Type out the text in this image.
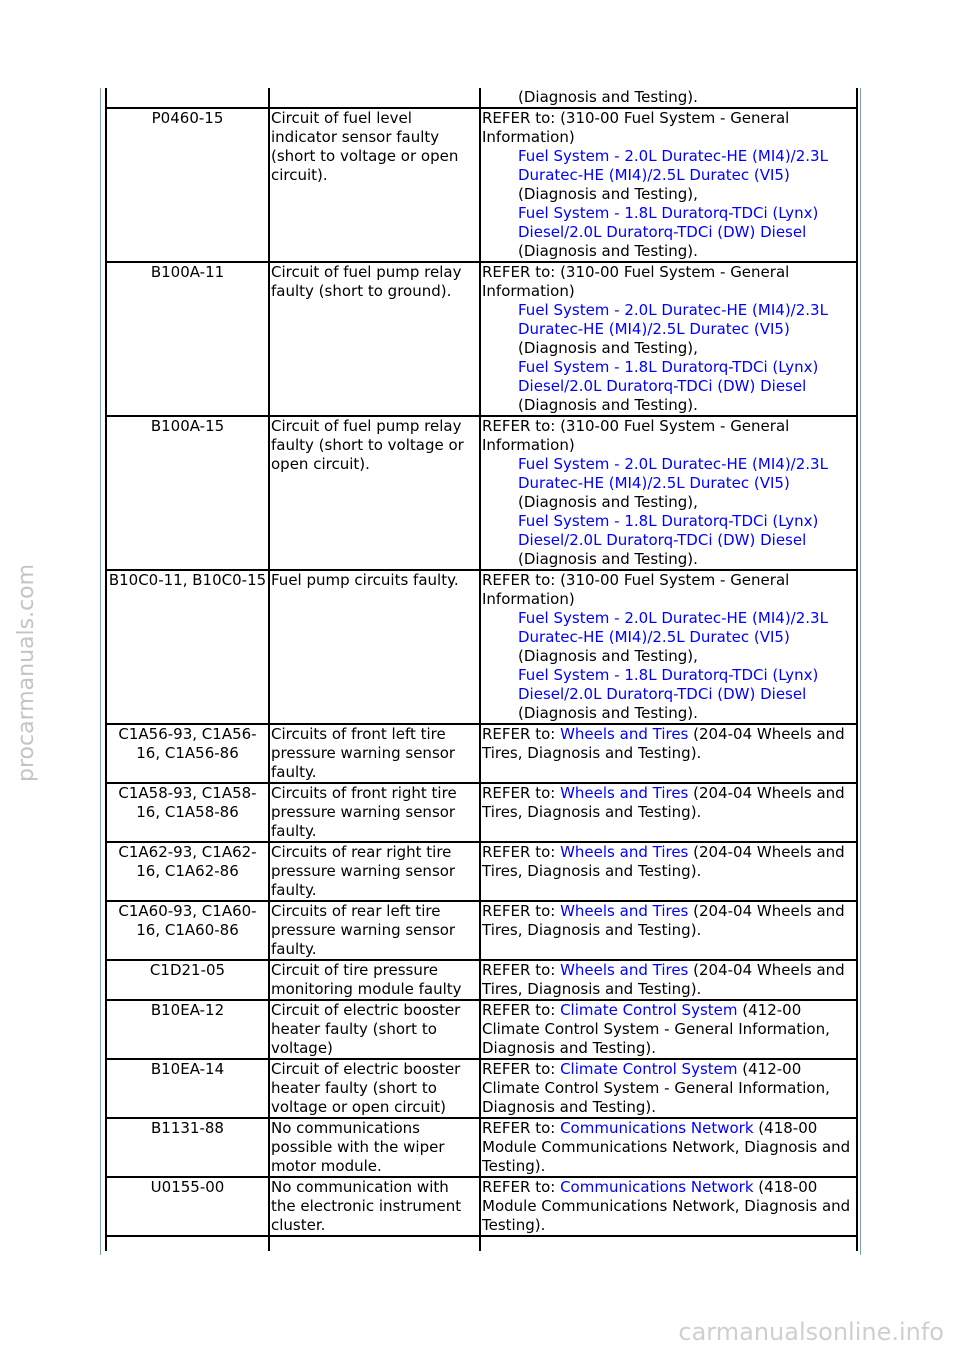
		(Diagnosis and Testing).

P0460-15	Circuit of fuel level indicator sensor faulty (short to voltage or open circuit).	REFER to: (310-00 Fuel System - General Information)
Fuel System - 2.0L Duratec-HE (MI4)/2.3L Duratec-HE (MI4)/2.5L Duratec (VI5)
(Diagnosis and Testing),
Fuel System - 1.8L Duratorq-TDCi (Lynx) Diesel/2.0L Duratorq-TDCi (DW) Diesel
(Diagnosis and Testing).

B100A-11	Circuit of fuel pump relay faulty (short to ground).	REFER to: (310-00 Fuel System - General Information)
Fuel System - 2.0L Duratec-HE (MI4)/2.3L Duratec-HE (MI4)/2.5L Duratec (VI5)
(Diagnosis and Testing),
Fuel System - 1.8L Duratorq-TDCi (Lynx) Diesel/2.0L Duratorq-TDCi (DW) Diesel
(Diagnosis and Testing).

B100A-15	Circuit of fuel pump relay faulty (short to voltage or open circuit).	REFER to: (310-00 Fuel System - General Information)
Fuel System - 2.0L Duratec-HE (MI4)/2.3L Duratec-HE (MI4)/2.5L Duratec (VI5)
(Diagnosis and Testing),
Fuel System - 1.8L Duratorq-TDCi (Lynx) Diesel/2.0L Duratorq-TDCi (DW) Diesel
(Diagnosis and Testing).

B10C0-11, B10C0-15	Fuel pump circuits faulty.	REFER to: (310-00 Fuel System - General Information)
Fuel System - 2.0L Duratec-HE (MI4)/2.3L Duratec-HE (MI4)/2.5L Duratec (VI5)
(Diagnosis and Testing),
Fuel System - 1.8L Duratorq-TDCi (Lynx) Diesel/2.0L Duratorq-TDCi (DW) Diesel
(Diagnosis and Testing).

C1A56-93, C1A56-16, C1A56-86	Circuits of front left tire pressure warning sensor faulty.	REFER to: Wheels and Tires (204-04 Wheels and Tires, Diagnosis and Testing).
C1A58-93, C1A58-16, C1A58-86	Circuits of front right tire pressure warning sensor faulty.	REFER to: Wheels and Tires (204-04 Wheels and Tires, Diagnosis and Testing).
C1A62-93, C1A62-16, C1A62-86	Circuits of rear right tire pressure warning sensor faulty.	REFER to: Wheels and Tires (204-04 Wheels and Tires, Diagnosis and Testing).
C1A60-93, C1A60-16, C1A60-86	Circuits of rear left tire pressure warning sensor faulty.	REFER to: Wheels and Tires (204-04 Wheels and Tires, Diagnosis and Testing).
C1D21-05	Circuit of tire pressure monitoring module faulty	REFER to: Wheels and Tires (204-04 Wheels and Tires, Diagnosis and Testing).
B10EA-12	Circuit of electric booster heater faulty (short to voltage)	REFER to: Climate Control System (412-00 Climate Control System - General Information, Diagnosis and Testing).
B10EA-14	Circuit of electric booster heater faulty (short to voltage or open circuit)	REFER to: Climate Control System (412-00 Climate Control System - General Information, Diagnosis and Testing).
B1131-88	No communications possible with the wiper motor module.	REFER to: Communications Network (418-00 Module Communications Network, Diagnosis and Testing).
U0155-00	No communication with the electronic instrument cluster.	REFER to: Communications Network (418-00 Module Communications Network, Diagnosis and Testing).

procarmanuals.com
carmanualsonline.info
